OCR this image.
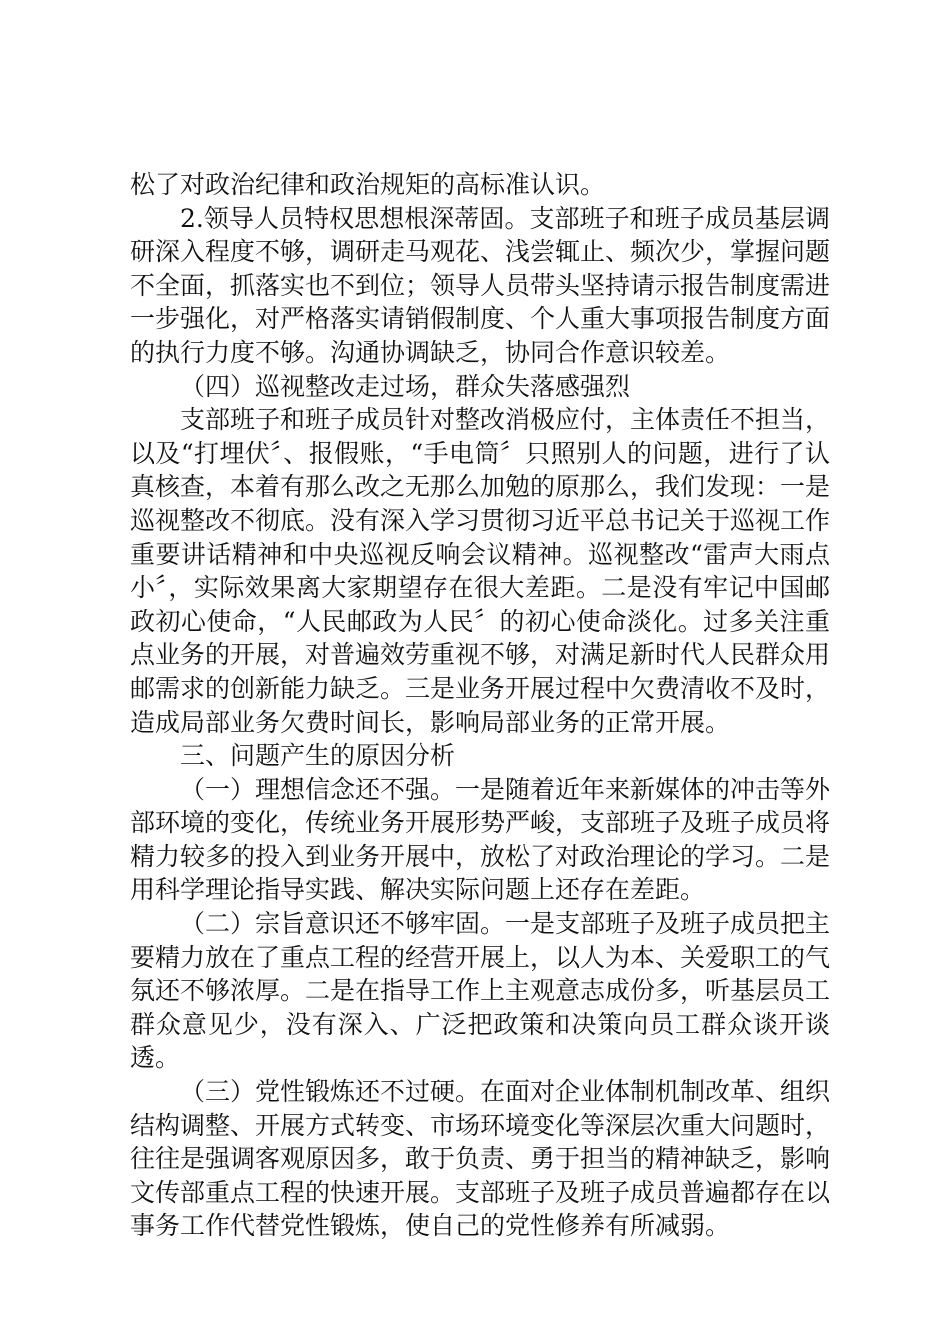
松了对政治纪律和政治规矩的高标准认识。

2.领导人员特权思想根深蒂固。支部班子和班子成员基层调研深入程度不够，调研走马观花、浅尝辄止、频次少，掌握问题不全面，抓落实也不到位；领导人员带头坚持请示报告制度需进一步强化，对严格落实请销假制度、个人重大事项报告制度方面的执行力度不够。沟通协调缺乏，协同合作意识较差。

（四）巡视整改走过场，群众失落感强烈

支部班子和班子成员针对整改消极应付，主体责任不担当，以及“打埋伏〞、报假账，“手电筒〞只照别人的问题，进行了认真核查，本着有那么改之无那么加勉的原那么，我们发现：一是巡视整改不彻底。没有深入学习贯彻习近平总书记关于巡视工作重要讲话精神和中央巡视反响会议精神。巡视整改“雷声大雨点小〞，实际效果离大家期望存在很大差距。二是没有牢记中国邮政初心使命，“人民邮政为人民〞的初心使命淡化。过多关注重点业务的开展，对普遍效劳重视不够，对满足新时代人民群众用邮需求的创新能力缺乏。三是业务开展过程中欠费清收不及时，造成局部业务欠费时间长，影响局部业务的正常开展。

三、问题产生的原因分析

（一）理想信念还不强。一是随着近年来新媒体的冲击等外部环境的变化，传统业务开展形势严峻，支部班子及班子成员将精力较多的投入到业务开展中，放松了对政治理论的学习。二是用科学理论指导实践、解决实际问题上还存在差距。

（二）宗旨意识还不够牢固。一是支部班子及班子成员把主要精力放在了重点工程的经营开展上，以人为本、关爱职工的气氛还不够浓厚。二是在指导工作上主观意志成份多，听基层员工群众意见少，没有深入、广泛把政策和决策向员工群众谈开谈透。

（三）党性锻炼还不过硬。在面对企业体制机制改革、组织结构调整、开展方式转变、市场环境变化等深层次重大问题时，往往是强调客观原因多，敢于负责、勇于担当的精神缺乏，影响文传部重点工程的快速开展。支部班子及班子成员普遍都存在以事务工作代替党性锻炼，使自己的党性修养有所减弱。
